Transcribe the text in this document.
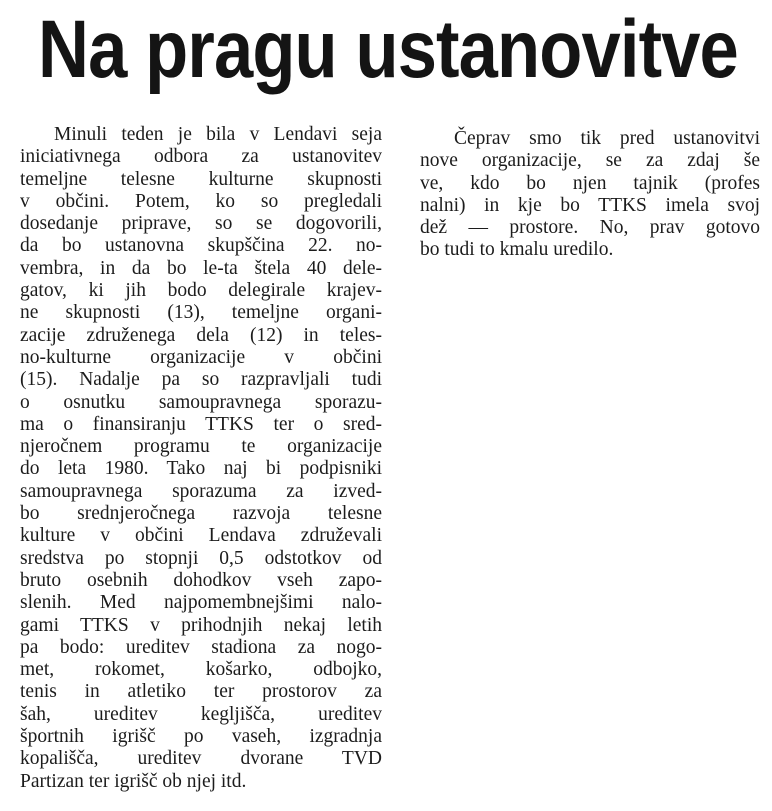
Na pragu ustanovitve
Minuli teden je bila v Lendavi seja
iniciativnega odbora za ustanovitev
temeljne telesne kulturne skupnosti
v občini. Potem, ko so pregledali
dosedanje priprave, so se dogovorili,
da bo ustanovna skupščina 22. no-
vembra, in da bo le-ta štela 40 dele-
gatov, ki jih bodo delegirale krajev-
ne skupnosti (13), temeljne organi-
zacije združenega dela (12) in teles-
no-kulturne organizacije v občini
(15). Nadalje pa so razpravljali tudi
o osnutku samoupravnega sporazu-
ma o finansiranju TTKS ter o sred-
njeročnem programu te organizacije
do leta 1980. Tako naj bi podpisniki
samoupravnega sporazuma za izved-
bo srednjeročnega razvoja telesne
kulture v občini Lendava združevali
sredstva po stopnji 0,5 odstotkov od
bruto osebnih dohodkov vseh zapo-
slenih. Med najpomembnejšimi nalo-
gami TTKS v prihodnjih nekaj letih
pa bodo: ureditev stadiona za nogo-
met, rokomet, košarko, odbojko,
tenis in atletiko ter prostorov za
šah, ureditev kegljišča, ureditev
športnih igrišč po vaseh, izgradnja
kopališča, ureditev dvorane TVD
Partizan ter igrišč ob njej itd.
Čeprav smo tik pred ustanovitvi
nove organizacije, se za zdaj še
ve, kdo bo njen tajnik (profes
nalni) in kje bo TTKS imela svoj
dež — prostore. No, prav gotovo
bo tudi to kmalu uredilo.
